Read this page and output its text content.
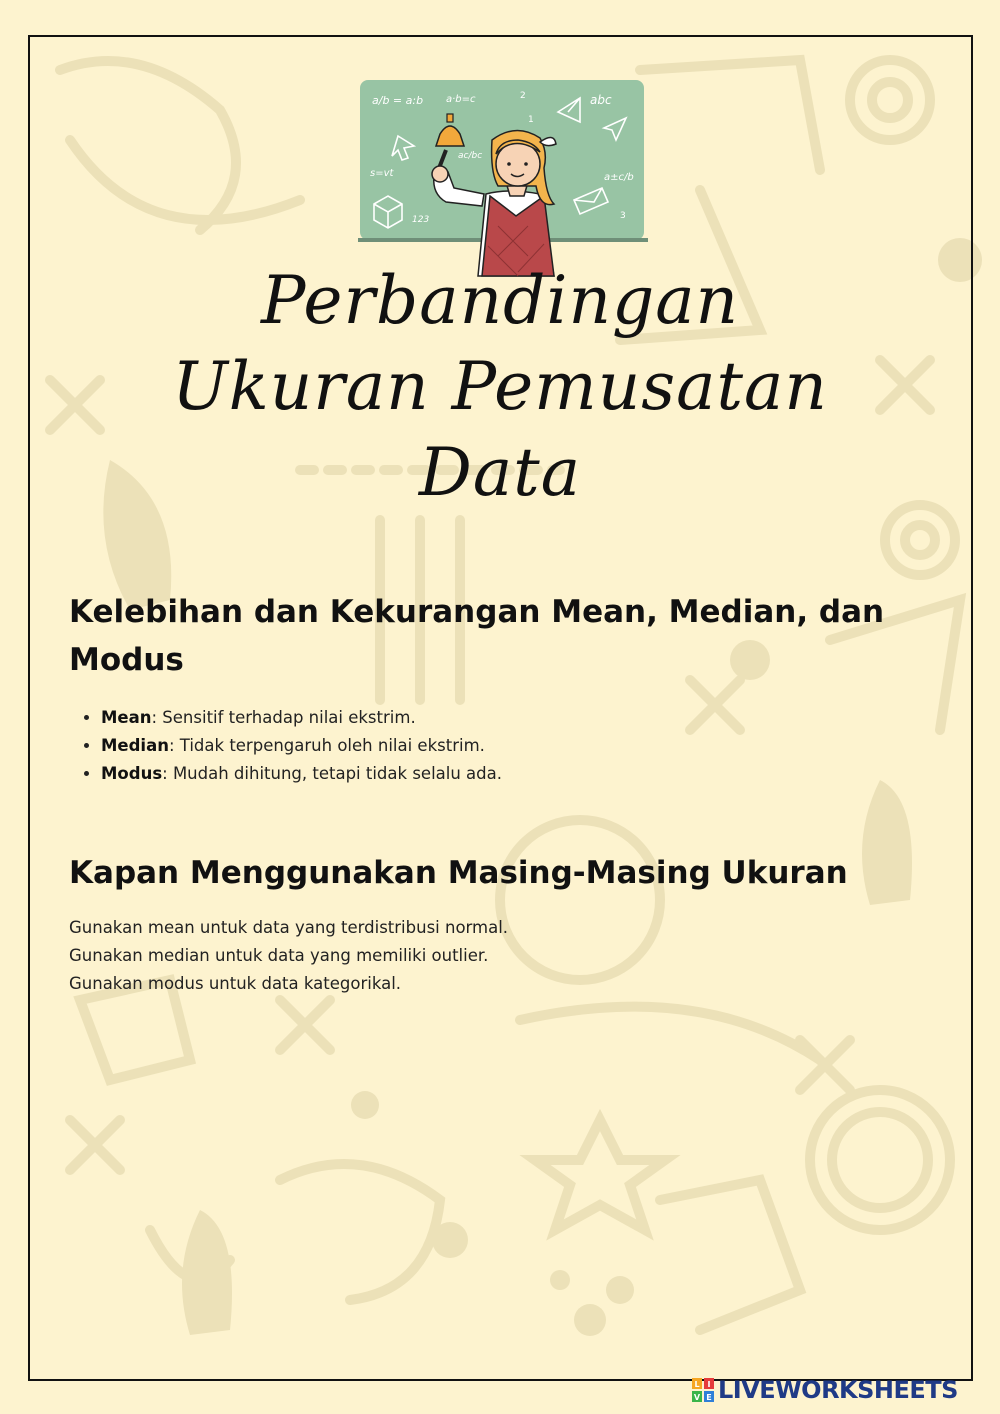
a/b = a:b a·b=c	2	abc
ac/bc
1
s=vt
123
a±c/b
3
Perbandingan
Ukuran Pemusatan
Data
Kelebihan dan Kekurangan Mean, Median, dan Modus
• Mean: Sensitif terhadap nilai ekstrim.
• Median: Tidak terpengaruh oleh nilai ekstrim.
• Modus: Mudah dihitung, tetapi tidak selalu ada.
Kapan Menggunakan Masing-Masing Ukuran
Gunakan mean untuk data yang terdistribusi normal.
Gunakan median untuk data yang memiliki outlier.
Gunakan modus untuk data kategorikal.
L I
V E LIVEWORKSHEETS
